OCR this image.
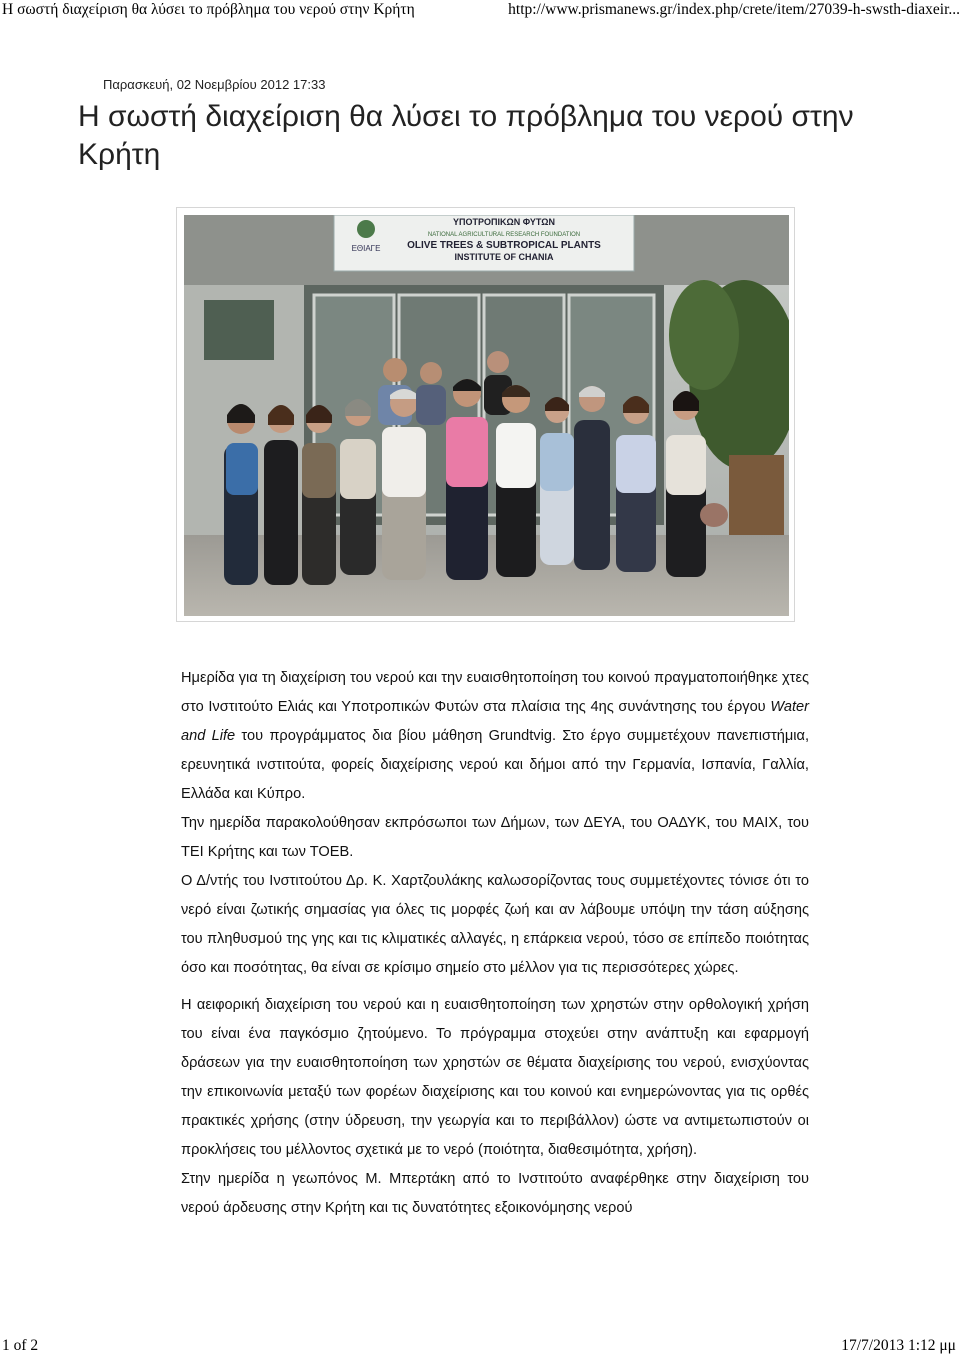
Η σωστή διαχείριση θα λύσει το πρόβλημα του νερού στην Κρήτη	http://www.prismanews.gr/index.php/crete/item/27039-h-swsth-diaxeir...
Παρασκευή, 02 Νοεμβρίου 2012 17:33
Η σωστή διαχείριση θα λύσει το πρόβλημα του νερού στην Κρήτη
ΕΘΙΑΓΕ
ΥΠΟΤΡΟΠΙΚΩΝ ΦΥΤΩΝ
NATIONAL AGRICULTURAL RESEARCH FOUNDATION
OLIVE TREES & SUBTROPICAL PLANTS
INSTITUTE OF CHANIA

Ημερίδα για τη διαχείριση του νερού και την ευαισθητοποίηση του κοινού πραγματοποιήθηκε χτες στο Ινστιτούτο Ελιάς και Υποτροπικών Φυτών στα πλαίσια της 4ης συνάντησης του έργου Water and Life του προγράμματος δια βίου μάθηση Grundtvig. Στο έργο συμμετέχουν πανεπιστήμια, ερευνητικά ινστιτούτα, φορείς διαχείρισης νερού και δήμοι από την Γερμανία, Ισπανία, Γαλλία, Ελλάδα και Κύπρο.

Την ημερίδα παρακολούθησαν εκπρόσωποι των Δήμων, των ΔΕΥΑ, του ΟΑΔΥΚ, του ΜΑΙΧ, του ΤΕΙ Κρήτης και των ΤΟΕΒ.

Ο Δ/ντής του Ινστιτούτου Δρ. Κ. Χαρτζουλάκης καλωσορίζοντας τους συμμετέχοντες τόνισε ότι το νερό είναι ζωτικής σημασίας για όλες τις μορφές ζωή και αν λάβουμε υπόψη την τάση αύξησης του πληθυσμού της γης και τις κλιματικές αλλαγές, η επάρκεια νερού, τόσο σε επίπεδο ποιότητας όσο και ποσότητας, θα είναι σε κρίσιμο σημείο στο μέλλον για τις περισσότερες χώρες.

Η αειφορική διαχείριση του νερού και η ευαισθητοποίηση των χρηστών στην ορθολογική χρήση του είναι ένα παγκόσμιο ζητούμενο. Το πρόγραμμα στοχεύει στην ανάπτυξη και εφαρμογή δράσεων για την ευαισθητοποίηση των χρηστών σε θέματα διαχείρισης του νερού, ενισχύοντας την επικοινωνία μεταξύ των φορέων διαχείρισης και του κοινού και ενημερώνοντας για τις ορθές πρακτικές χρήσης (στην ύδρευση, την γεωργία και το περιβάλλον) ώστε να αντιμετωπιστούν οι προκλήσεις του μέλλοντος σχετικά με το νερό (ποιότητα, διαθεσιμότητα, χρήση).

Στην ημερίδα η γεωπόνος Μ. Μπερτάκη από το Ινστιτούτο αναφέρθηκε στην διαχείριση του νερού άρδευσης στην Κρήτη και τις δυνατότητες εξοικονόμησης νερού

1 of 2	17/7/2013 1:12 μμ
